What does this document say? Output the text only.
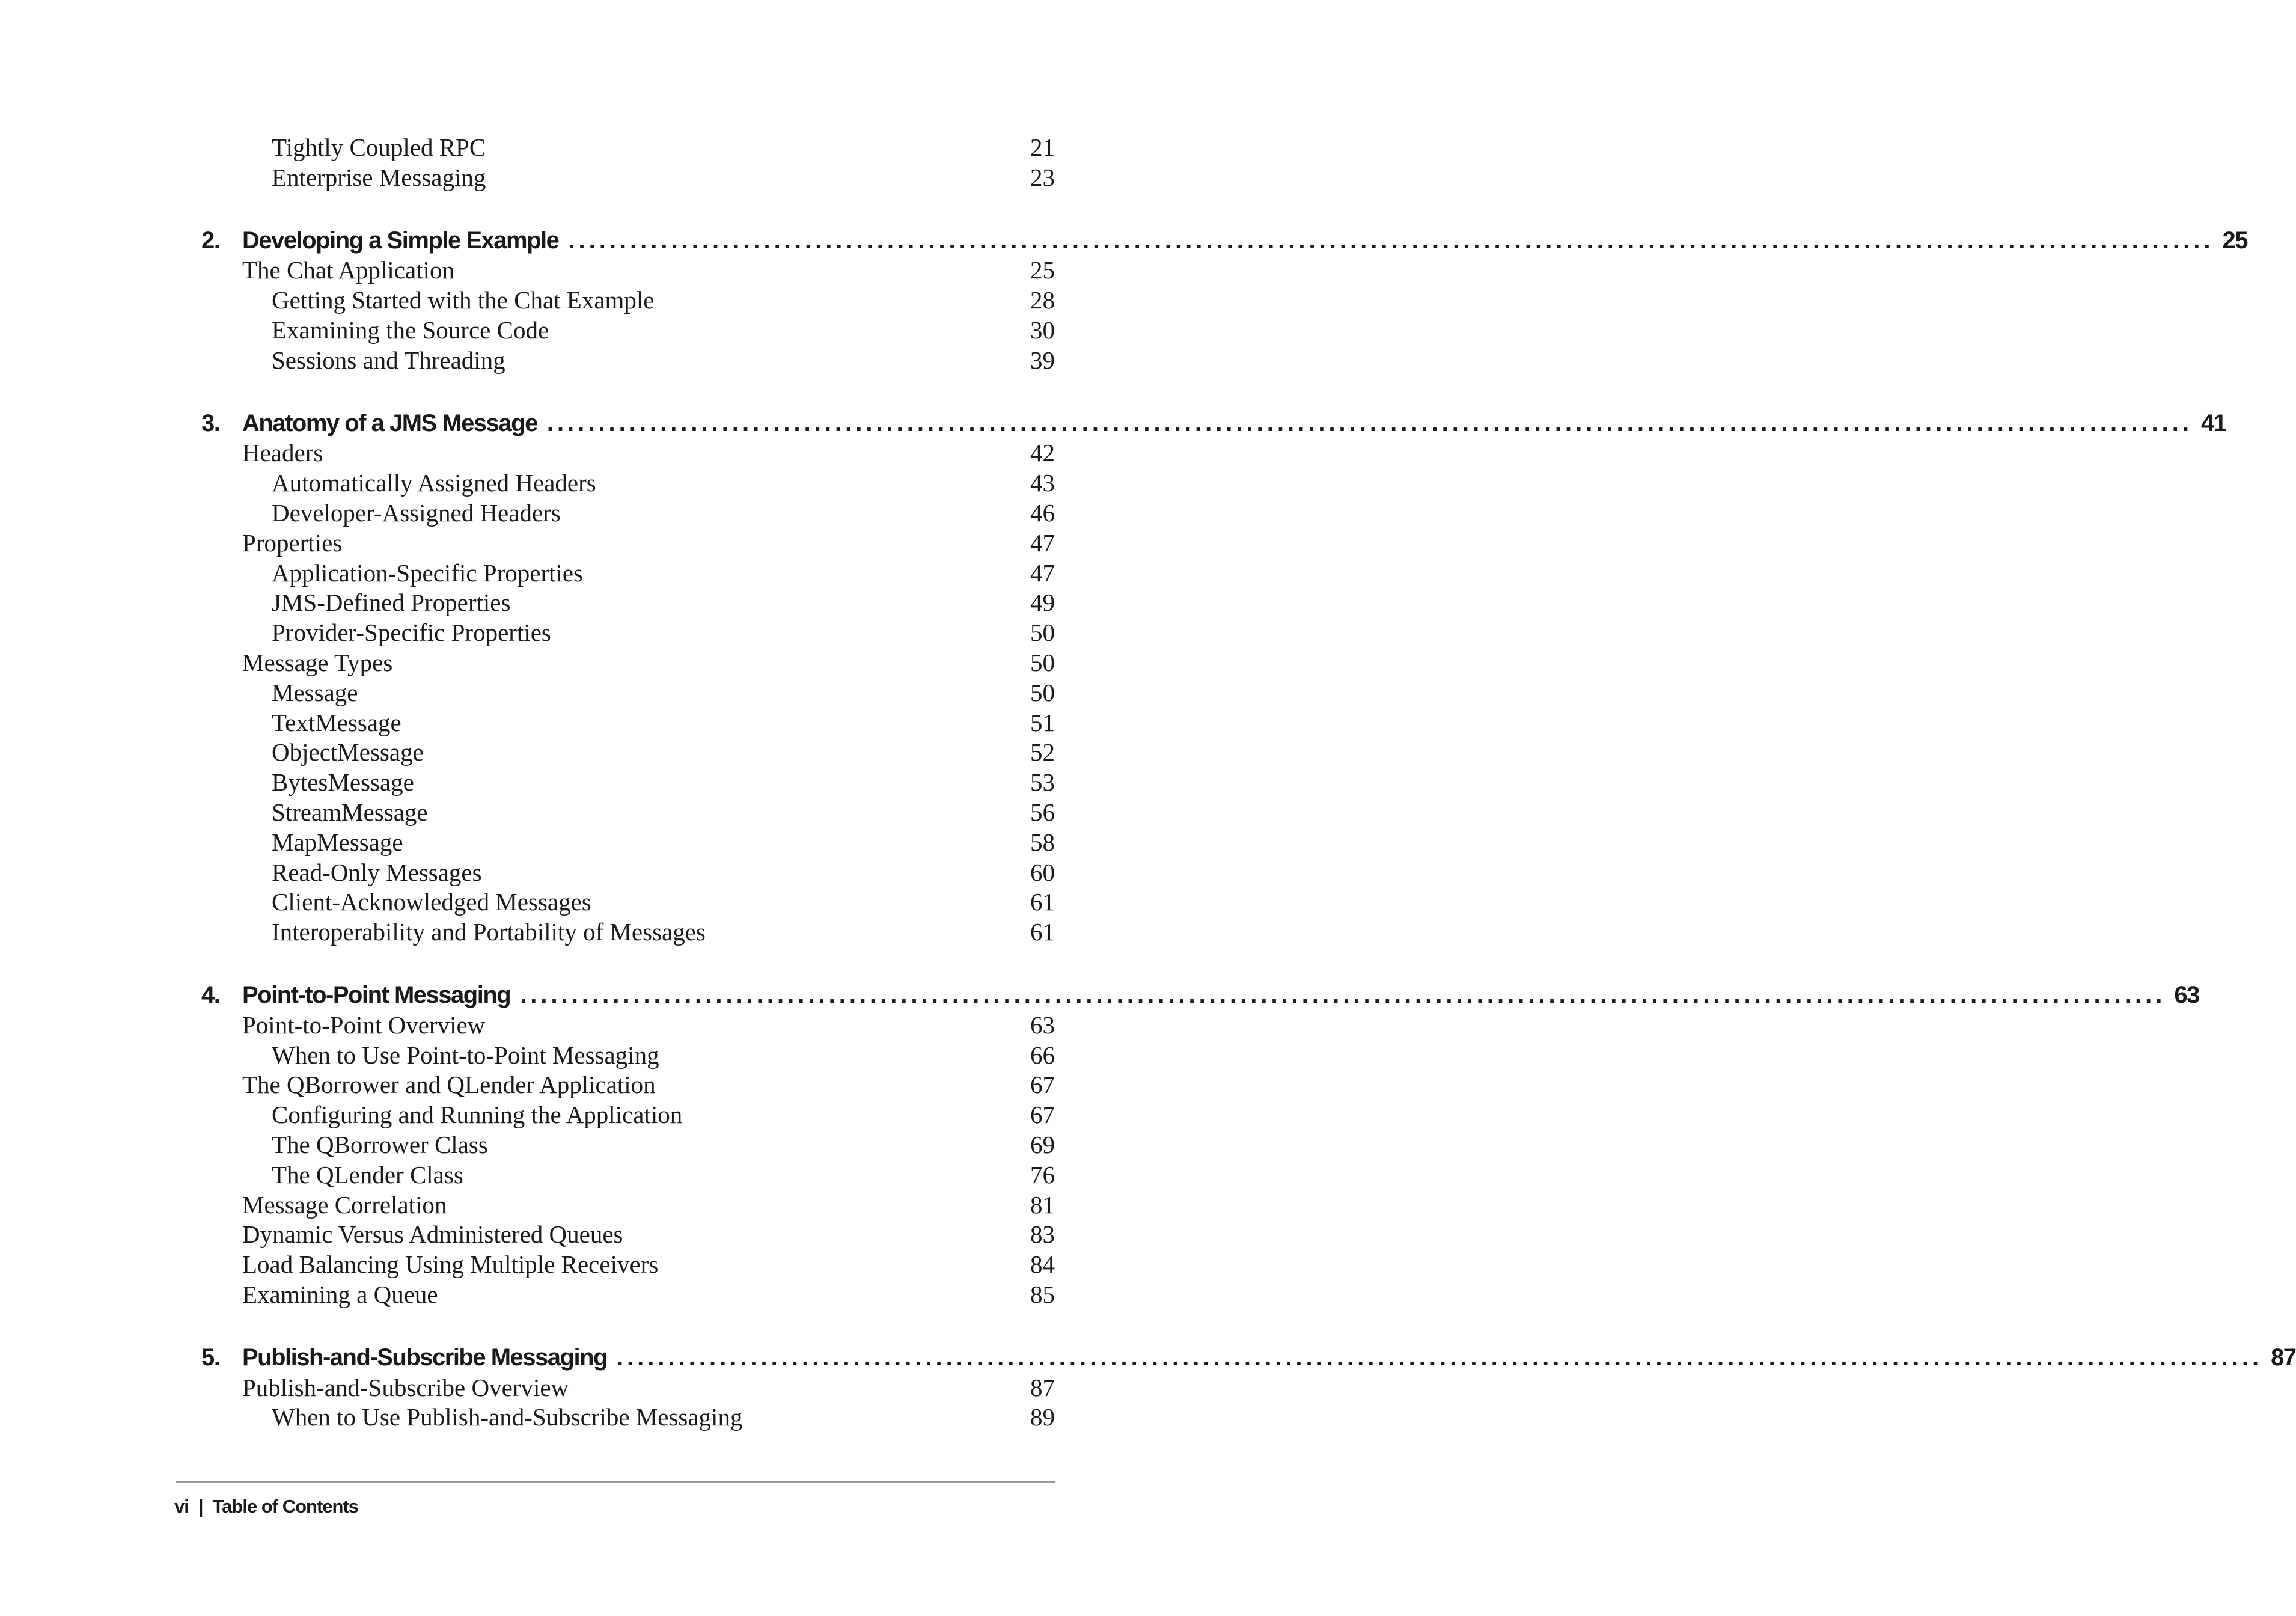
Tightly Coupled RPC	21
Enterprise Messaging	23
2. Developing a Simple Example ................................................................................................................................................................ 25
The Chat Application	25
Getting Started with the Chat Example	28
Examining the Source Code	30
Sessions and Threading	39
3. Anatomy of a JMS Message ................................................................................................................................................................ 41
Headers	42
Automatically Assigned Headers	43
Developer-Assigned Headers	46
Properties	47
Application-Specific Properties	47
JMS-Defined Properties	49
Provider-Specific Properties	50
Message Types	50
Message	50
TextMessage	51
ObjectMessage	52
BytesMessage	53
StreamMessage	56
MapMessage	58
Read-Only Messages	60
Client-Acknowledged Messages	61
Interoperability and Portability of Messages	61
4. Point-to-Point Messaging ................................................................................................................................................................ 63
Point-to-Point Overview	63
When to Use Point-to-Point Messaging	66
The QBorrower and QLender Application	67
Configuring and Running the Application	67
The QBorrower Class	69
The QLender Class	76
Message Correlation	81
Dynamic Versus Administered Queues	83
Load Balancing Using Multiple Receivers	84
Examining a Queue	85
5. Publish-and-Subscribe Messaging ................................................................................................................................................................ 87
Publish-and-Subscribe Overview	87
When to Use Publish-and-Subscribe Messaging	89
vi | Table of Contents
